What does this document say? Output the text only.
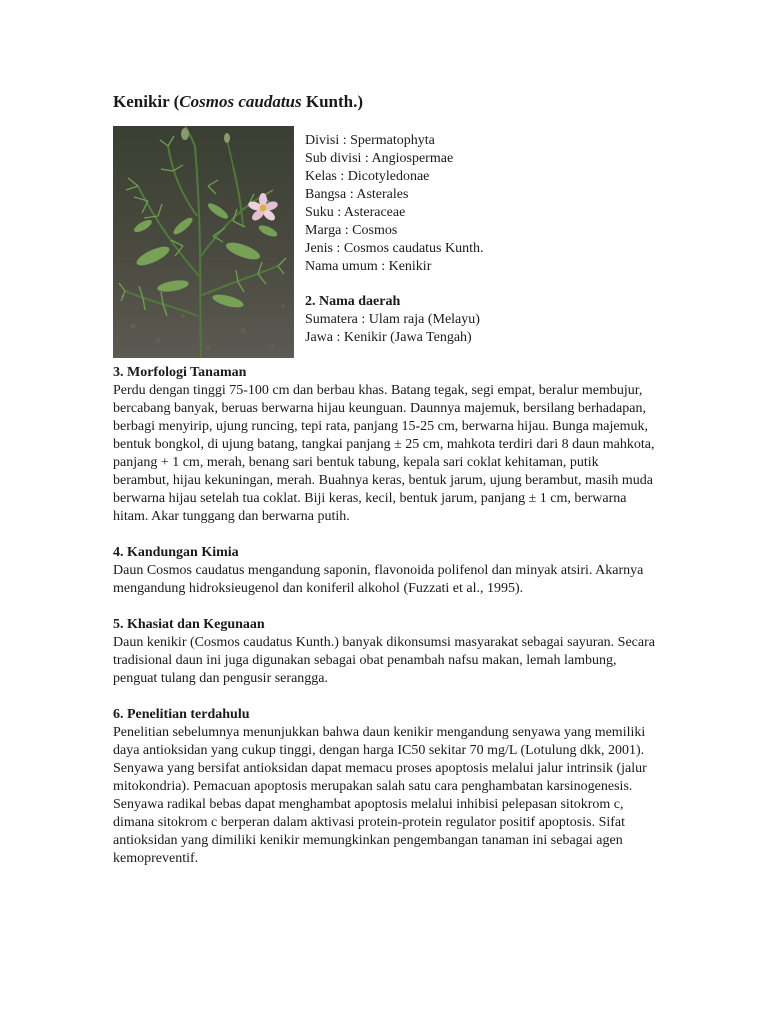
Kenikir (Cosmos caudatus Kunth.)
Divisi : Spermatophyta
Sub divisi : Angiospermae
Kelas : Dicotyledonae
Bangsa : Asterales
Suku : Asteraceae
Marga : Cosmos
Jenis : Cosmos caudatus Kunth.
Nama umum : Kenikir
2. Nama daerah
Sumatera : Ulam raja (Melayu)
Jawa : Kenikir (Jawa Tengah)
3. Morfologi Tanaman
Perdu dengan tinggi 75-100 cm dan berbau khas. Batang tegak, segi empat, beralur membujur, bercabang banyak, beruas berwarna hijau keunguan. Daunnya majemuk, bersilang berhadapan, berbagi menyirip, ujung runcing, tepi rata, panjang 15-25 cm, berwarna hijau. Bunga majemuk, bentuk bongkol, di ujung batang, tangkai panjang ± 25 cm, mahkota terdiri dari 8 daun mahkota, panjang + 1 cm, merah, benang sari bentuk tabung, kepala sari coklat kehitaman, putik berambut, hijau kekuningan, merah. Buahnya keras, bentuk jarum, ujung berambut, masih muda berwarna hijau setelah tua coklat. Biji keras, kecil, bentuk jarum, panjang ± 1 cm, berwarna hitam. Akar tunggang dan berwarna putih.
4. Kandungan Kimia
Daun Cosmos caudatus mengandung saponin, flavonoida polifenol dan minyak atsiri. Akarnya mengandung hidroksieugenol dan koniferil alkohol (Fuzzati et al., 1995).
5. Khasiat dan Kegunaan
Daun kenikir (Cosmos caudatus Kunth.) banyak dikonsumsi masyarakat sebagai sayuran. Secara tradisional daun ini juga digunakan sebagai obat penambah nafsu makan, lemah lambung, penguat tulang dan pengusir serangga.
6. Penelitian terdahulu
Penelitian sebelumnya menunjukkan bahwa daun kenikir mengandung senyawa yang memiliki daya antioksidan yang cukup tinggi, dengan harga IC50 sekitar 70 mg/L (Lotulung dkk, 2001). Senyawa yang bersifat antioksidan dapat memacu proses apoptosis melalui jalur intrinsik (jalur mitokondria). Pemacuan apoptosis merupakan salah satu cara penghambatan karsinogenesis.
Senyawa radikal bebas dapat menghambat apoptosis melalui inhibisi pelepasan sitokrom c, dimana sitokrom c berperan dalam aktivasi protein-protein regulator positif apoptosis. Sifat antioksidan yang dimiliki kenikir memungkinkan pengembangan tanaman ini sebagai agen kemopreventif.
